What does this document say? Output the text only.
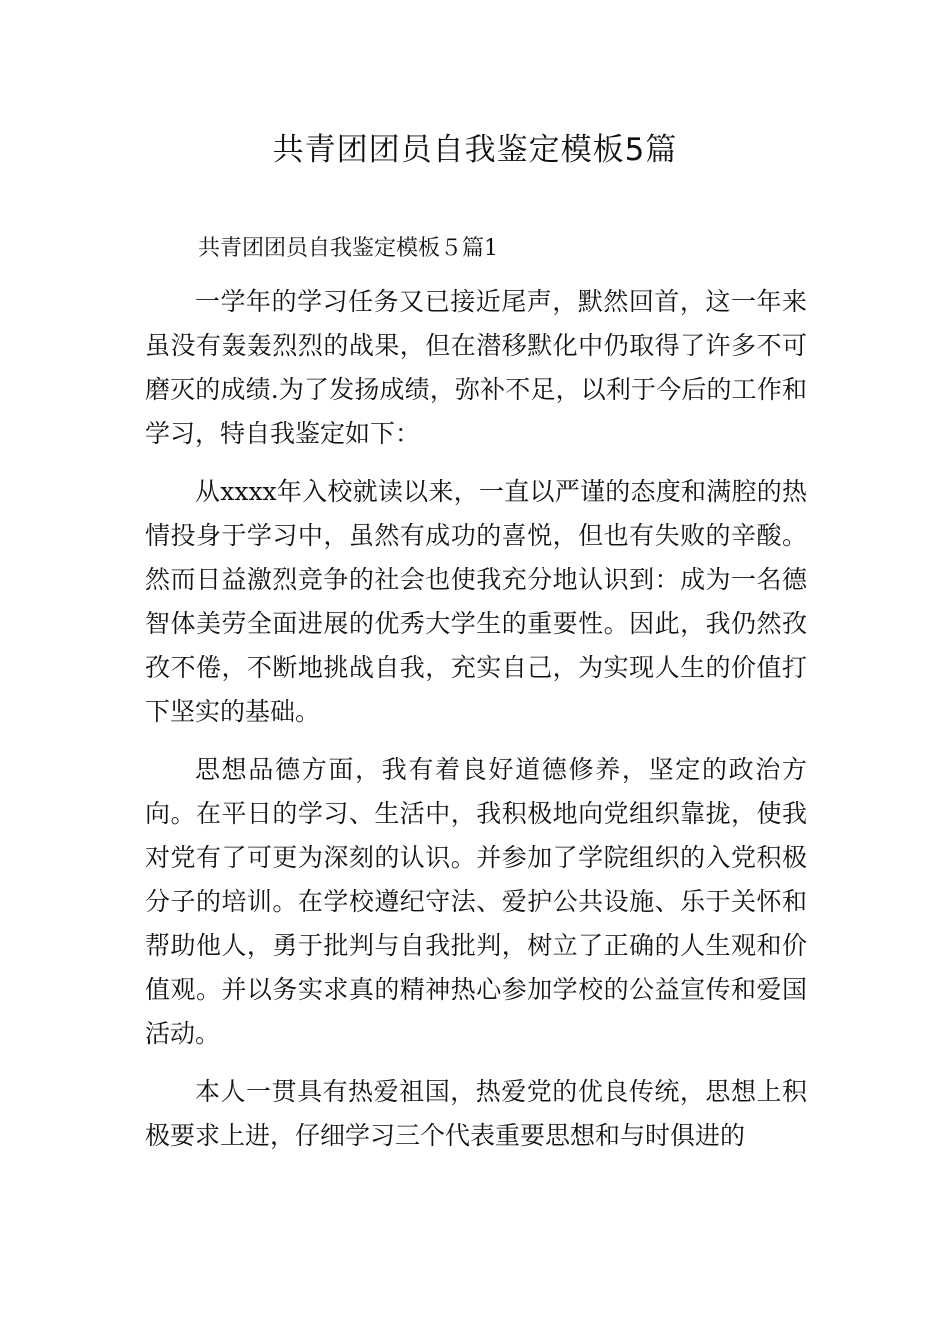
共青团团员自我鉴定模板5篇

共青团团员自我鉴定模板５篇1

一学年的学习任务又已接近尾声，默然回首，这一年来虽没有轰轰烈烈的战果，但在潜移默化中仍取得了许多不可磨灭的成绩.为了发扬成绩，弥补不足，以利于今后的工作和学习，特自我鉴定如下：

从xxxx年入校就读以来，一直以严谨的态度和满腔的热情投身于学习中，虽然有成功的喜悦，但也有失败的辛酸。然而日益激烈竞争的社会也使我充分地认识到：成为一名德智体美劳全面进展的优秀大学生的重要性。因此，我仍然孜孜不倦，不断地挑战自我，充实自己，为实现人生的价值打下坚实的基础。

思想品德方面，我有着良好道德修养，坚定的政治方向。在平日的学习、生活中，我积极地向党组织靠拢，使我对党有了可更为深刻的认识。并参加了学院组织的入党积极分子的培训。在学校遵纪守法、爱护公共设施、乐于关怀和帮助他人，勇于批判与自我批判，树立了正确的人生观和价值观。并以务实求真的精神热心参加学校的公益宣传和爱国活动。

本人一贯具有热爱祖国，热爱党的优良传统，思想上积极要求上进，仔细学习三个代表重要思想和与时俱进的
